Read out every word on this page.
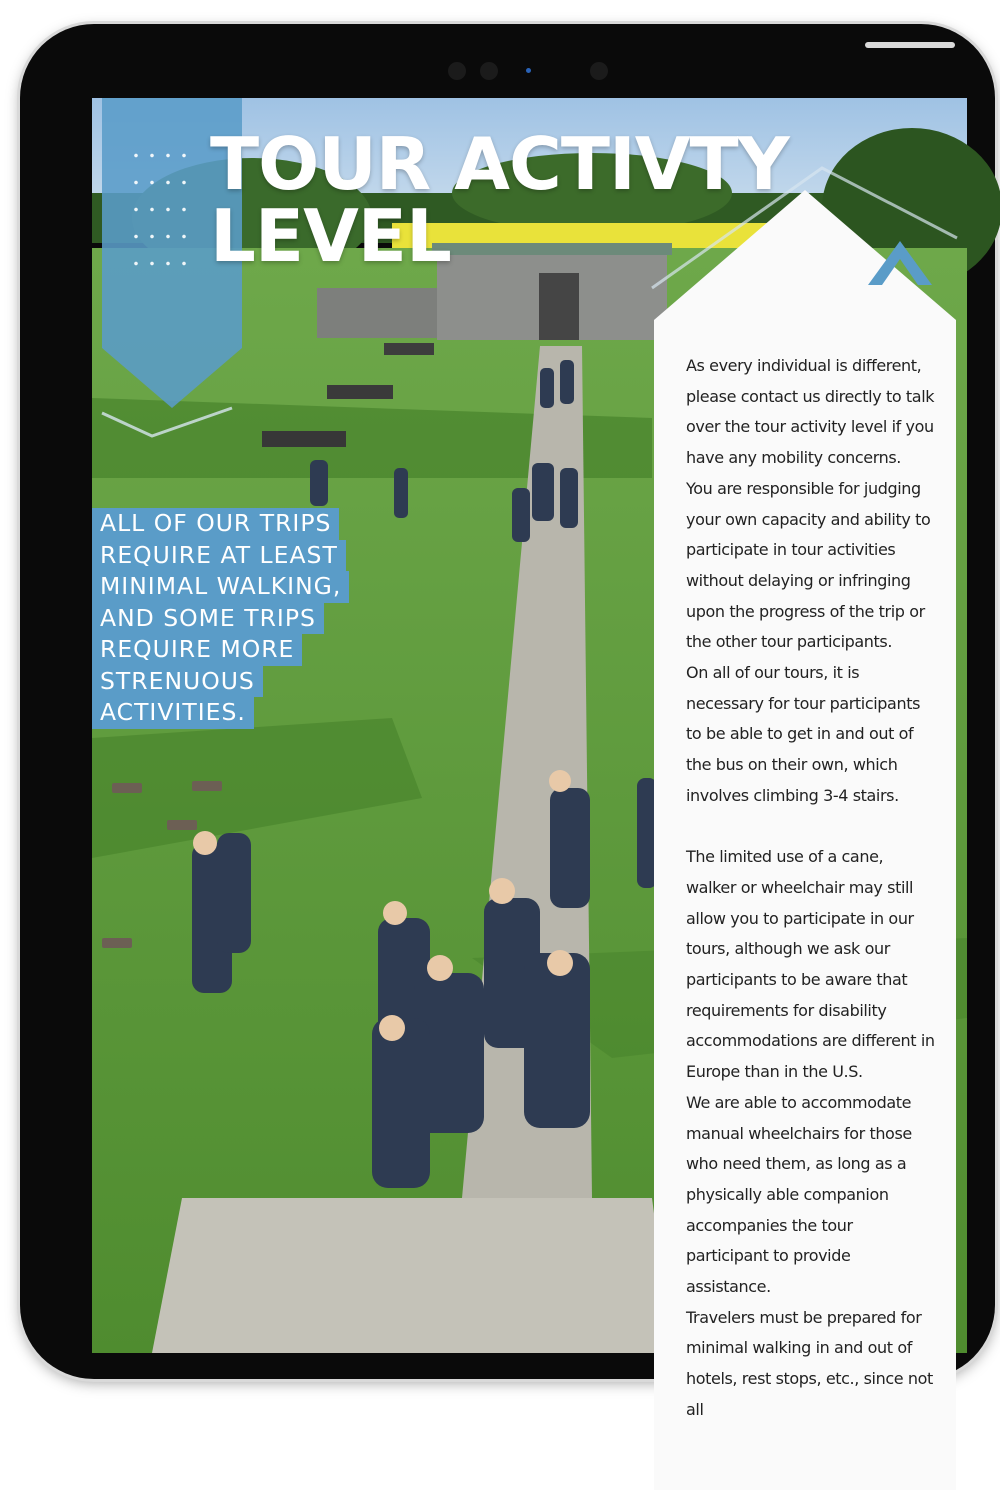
TOUR ACTIVTY
LEVEL
ALL OF OUR TRIPS
REQUIRE AT LEAST
MINIMAL WALKING,
AND SOME TRIPS
REQUIRE MORE
STRENUOUS
ACTIVITIES.

As every individual is different, please contact us directly to talk over the tour activity level if you have any mobility concerns.

You are responsible for judging your own capacity and ability to participate in tour activities without delaying or infringing upon the progress of the trip or the other tour participants.

On all of our tours, it is necessary for tour participants to be able to get in and out of the bus on their own, which involves climbing 3-4 stairs.

The limited use of a cane, walker or wheelchair may still allow you to participate in our tours, although we ask our participants to be aware that requirements for disability accommodations are different in Europe than in the U.S.

We are able to accommodate manual wheelchairs for those who need them, as long as a physically able companion accompanies the tour participant to provide assistance.

Travelers must be prepared for minimal walking in and out of hotels, rest stops, etc., since not all
